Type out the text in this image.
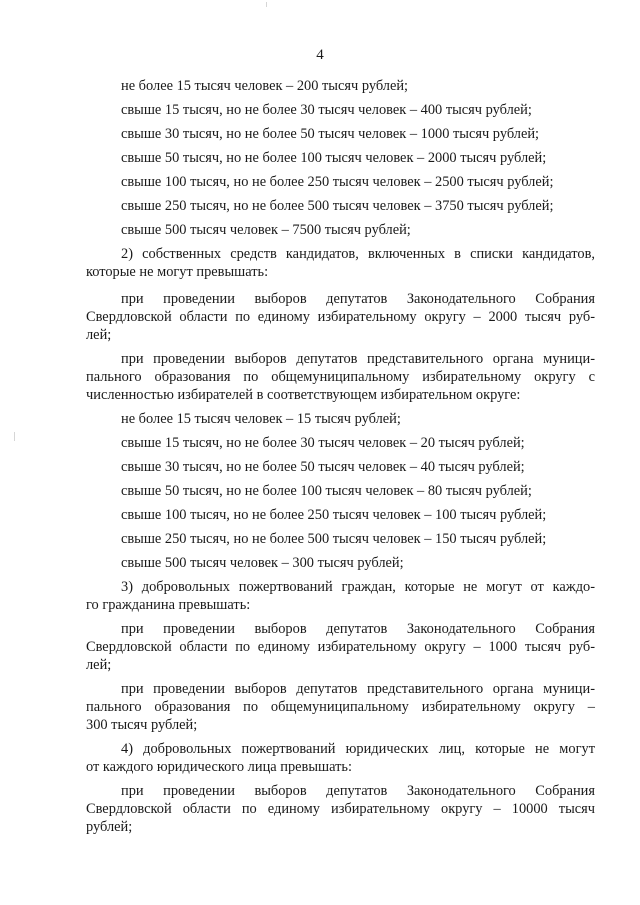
4
не более 15 тысяч человек – 200 тысяч рублей;
свыше 15 тысяч, но не более 30 тысяч человек – 400 тысяч рублей;
свыше 30 тысяч, но не более 50 тысяч человек – 1000 тысяч рублей;
свыше 50 тысяч, но не более 100 тысяч человек – 2000 тысяч рублей;
свыше 100 тысяч, но не более 250 тысяч человек – 2500 тысяч рублей;
свыше 250 тысяч, но не более 500 тысяч человек – 3750 тысяч рублей;
свыше 500 тысяч человек – 7500 тысяч рублей;
2) собственных средств кандидатов, включенных в списки кандидатов,
которые не могут превышать:
при проведении выборов депутатов Законодательного Собрания
Свердловской области по единому избирательному округу – 2000 тысяч руб-
лей;
при проведении выборов депутатов представительного органа муници-
пального образования по общемуниципальному избирательному округу с
численностью избирателей в соответствующем избирательном округе:
не более 15 тысяч человек – 15 тысяч рублей;
свыше 15 тысяч, но не более 30 тысяч человек – 20 тысяч рублей;
свыше 30 тысяч, но не более 50 тысяч человек – 40 тысяч рублей;
свыше 50 тысяч, но не более 100 тысяч человек – 80 тысяч рублей;
свыше 100 тысяч, но не более 250 тысяч человек – 100 тысяч рублей;
свыше 250 тысяч, но не более 500 тысяч человек – 150 тысяч рублей;
свыше 500 тысяч человек – 300 тысяч рублей;
3) добровольных пожертвований граждан, которые не могут от каждо-
го гражданина превышать:
при проведении выборов депутатов Законодательного Собрания
Свердловской области по единому избирательному округу – 1000 тысяч руб-
лей;
при проведении выборов депутатов представительного органа муници-
пального образования по общемуниципальному избирательному округу –
300 тысяч рублей;
4) добровольных пожертвований юридических лиц, которые не могут
от каждого юридического лица превышать:
при проведении выборов депутатов Законодательного Собрания
Свердловской области по единому избирательному округу – 10000 тысяч
рублей;
